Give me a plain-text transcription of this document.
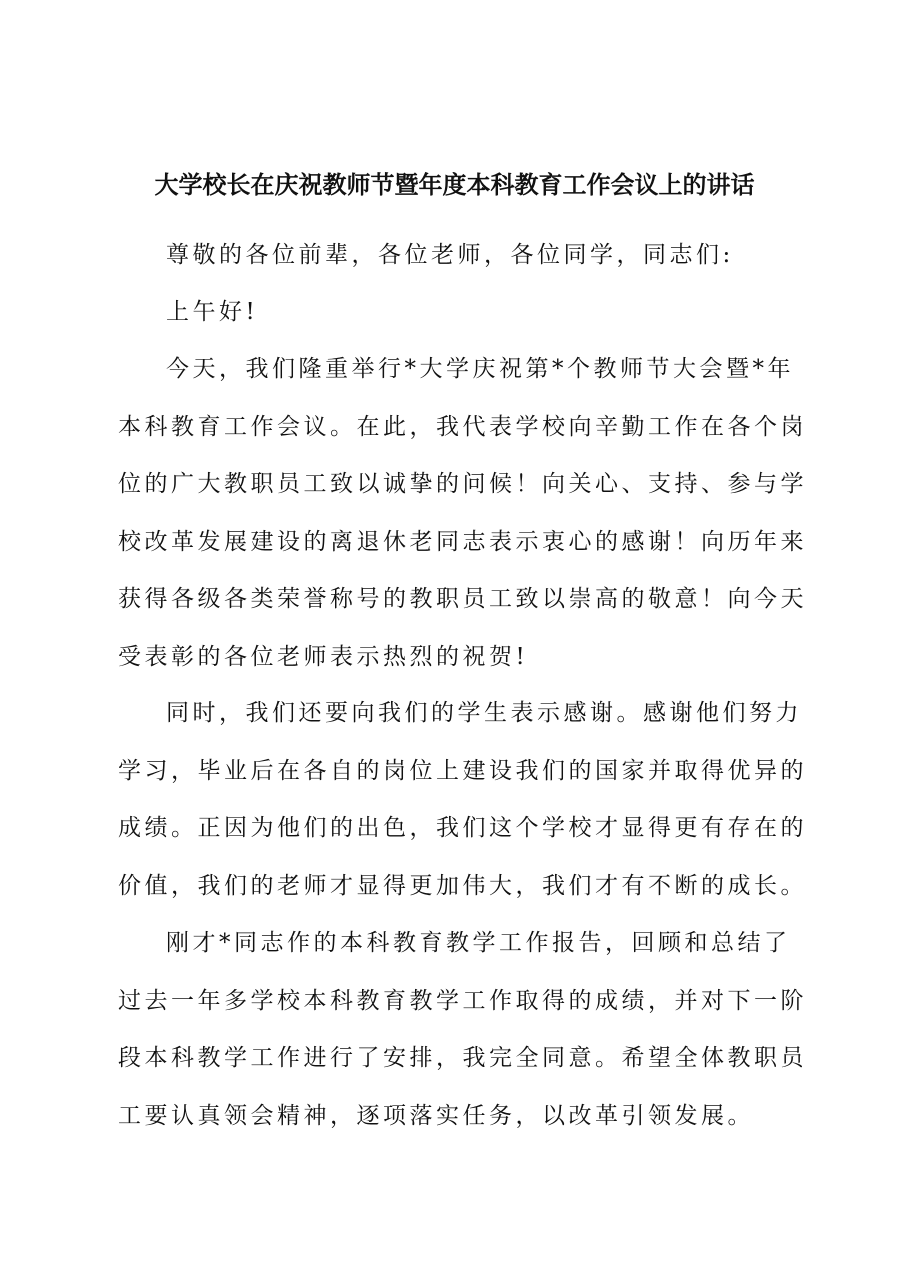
大学校长在庆祝教师节暨年度本科教育工作会议上的讲话

尊敬的各位前辈，各位老师，各位同学，同志们:

上午好!

今天，我们隆重举行*大学庆祝第*个教师节大会暨*年本科教育工作会议。在此，我代表学校向辛勤工作在各个岗位的广大教职员工致以诚挚的问候！向关心、支持、参与学校改革发展建设的离退休老同志表示衷心的感谢！向历年来获得各级各类荣誉称号的教职员工致以崇高的敬意！向今天受表彰的各位老师表示热烈的祝贺!

同时，我们还要向我们的学生表示感谢。感谢他们努力学习，毕业后在各自的岗位上建设我们的国家并取得优异的成绩。正因为他们的出色，我们这个学校才显得更有存在的价值，我们的老师才显得更加伟大，我们才有不断的成长。

刚才*同志作的本科教育教学工作报告，回顾和总结了过去一年多学校本科教育教学工作取得的成绩，并对下一阶段本科教学工作进行了安排，我完全同意。希望全体教职员工要认真领会精神，逐项落实任务，以改革引领发展。
